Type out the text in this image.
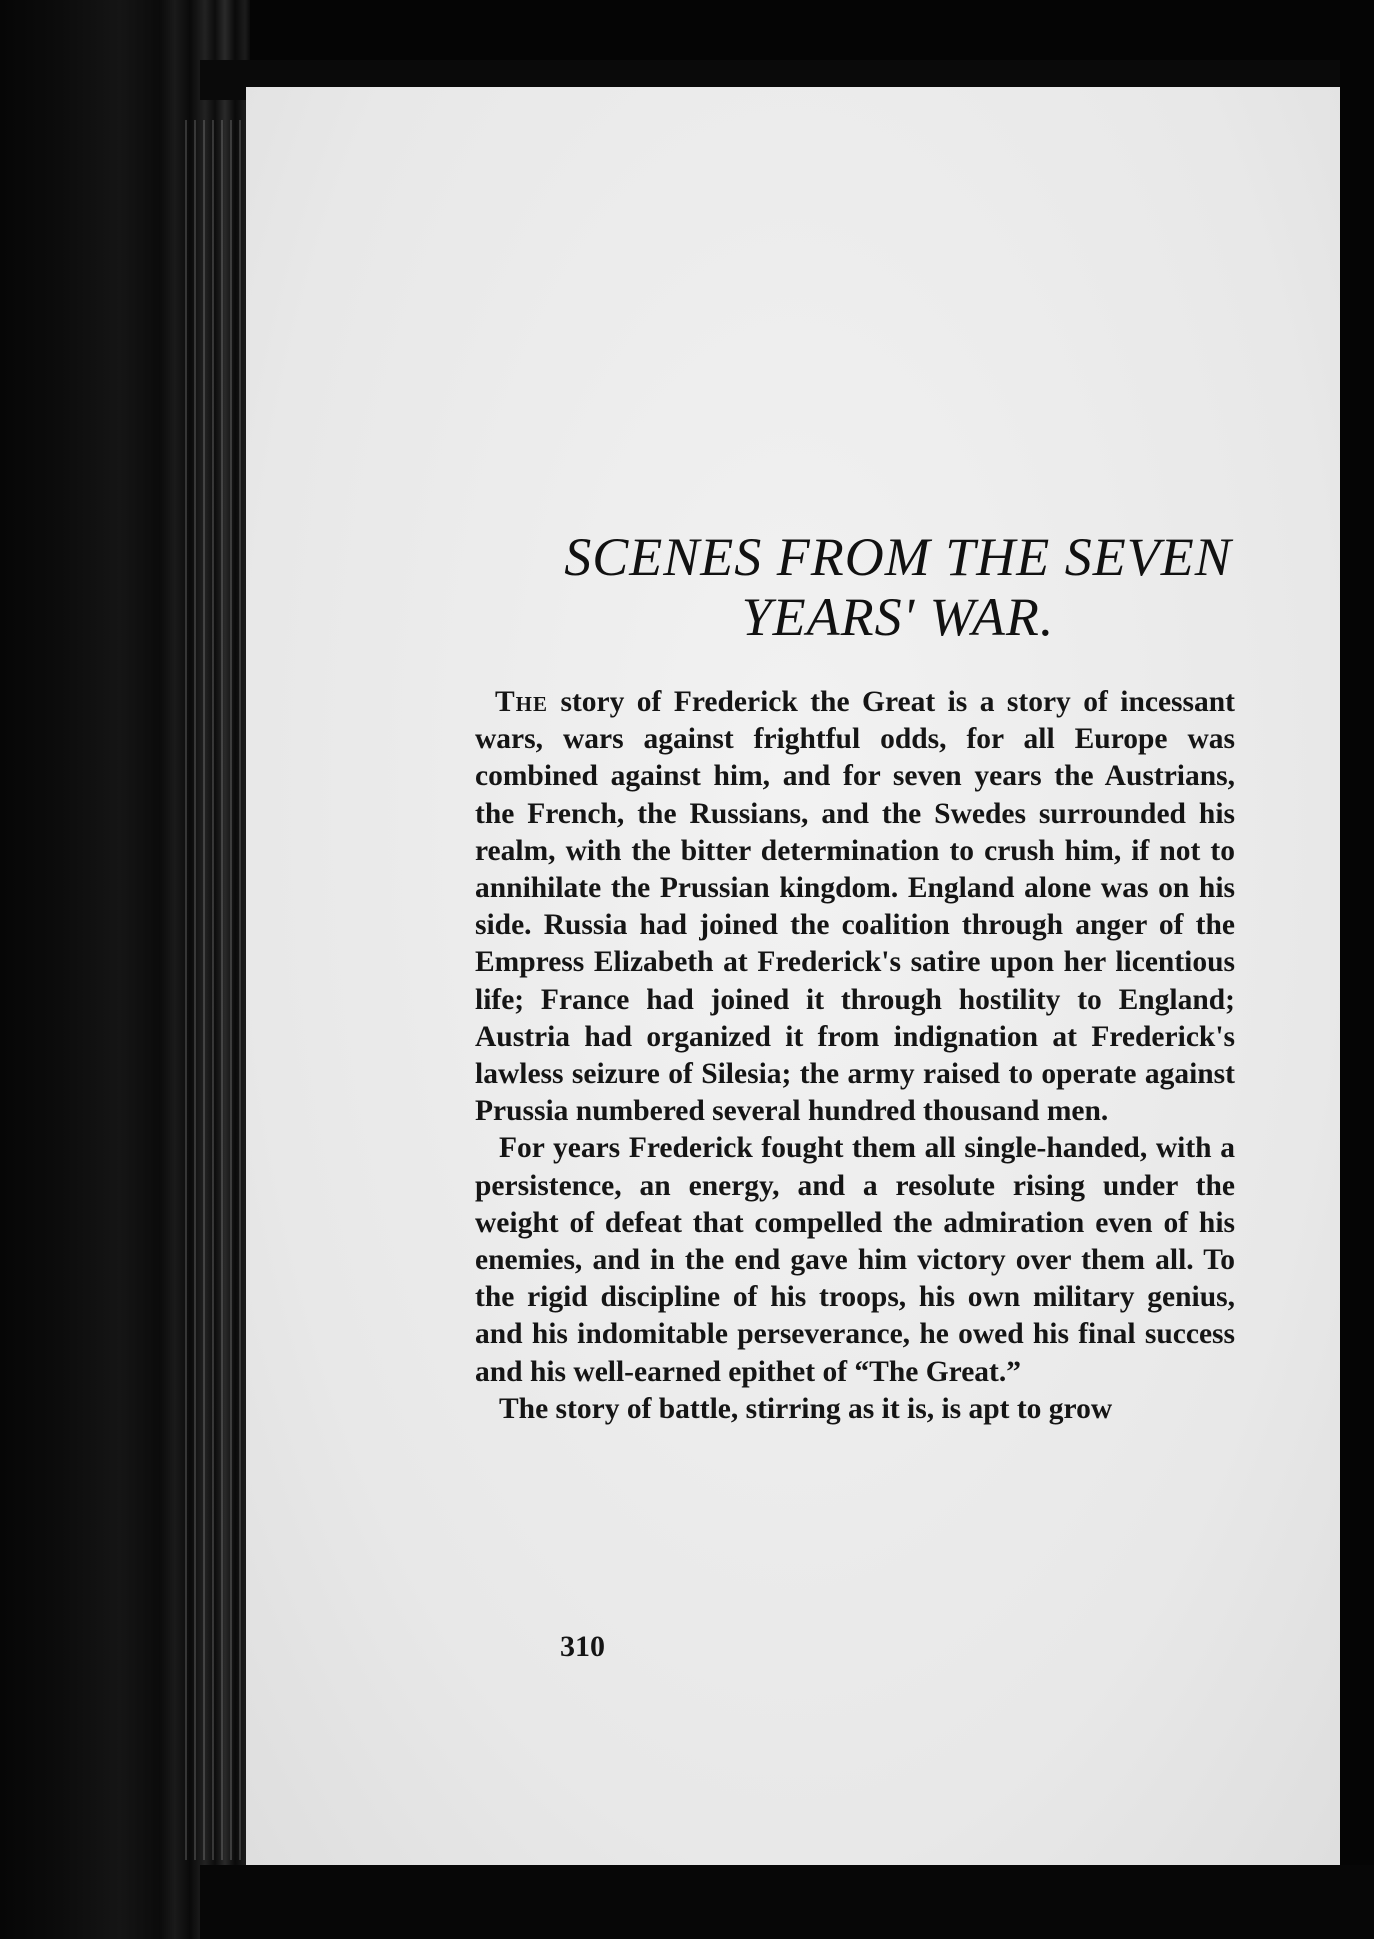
SCENES FROM THE SEVEN
YEARS' WAR.

The story of Frederick the Great is a story of incessant wars, wars against frightful odds, for all Europe was combined against him, and for seven years the Austrians, the French, the Russians, and the Swedes surrounded his realm, with the bitter determination to crush him, if not to annihilate the Prussian kingdom. England alone was on his side. Russia had joined the coalition through anger of the Empress Elizabeth at Frederick's satire upon her licentious life; France had joined it through hostility to England; Austria had organized it from indignation at Frederick's lawless seizure of Silesia; the army raised to operate against Prussia numbered several hundred thousand men.

For years Frederick fought them all single-handed, with a persistence, an energy, and a resolute rising under the weight of defeat that compelled the admiration even of his enemies, and in the end gave him victory over them all. To the rigid discipline of his troops, his own military genius, and his indomitable perseverance, he owed his final success and his well-earned epithet of “The Great.”

The story of battle, stirring as it is, is apt to grow

310
